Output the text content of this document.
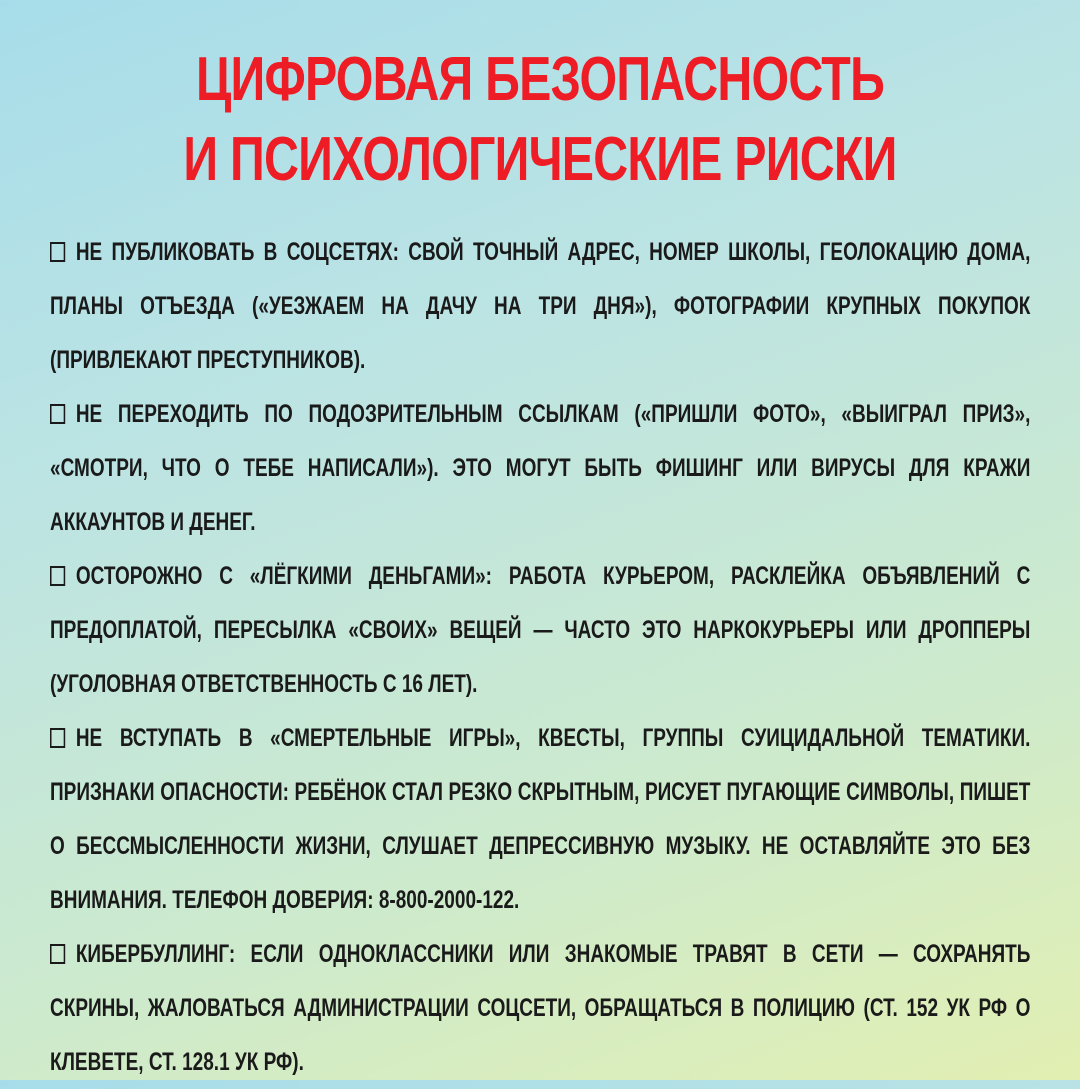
ЦИФРОВАЯ БЕЗОПАСНОСТЬ
И ПСИХОЛОГИЧЕСКИЕ РИСКИ

НЕ ПУБЛИКОВАТЬ В СОЦСЕТЯХ: СВОЙ ТОЧНЫЙ АДРЕС, НОМЕР ШКОЛЫ, ГЕОЛОКАЦИЮ ДОМА, ПЛАНЫ ОТЪЕЗДА («УЕЗЖАЕМ НА ДАЧУ НА ТРИ ДНЯ»), ФОТОГРАФИИ КРУПНЫХ ПОКУПОК (ПРИВЛЕКАЮТ ПРЕСТУПНИКОВ).

НЕ ПЕРЕХОДИТЬ ПО ПОДОЗРИТЕЛЬНЫМ ССЫЛКАМ («ПРИШЛИ ФОТО», «ВЫИГРАЛ ПРИЗ», «СМОТРИ, ЧТО О ТЕБЕ НАПИСАЛИ»). ЭТО МОГУТ БЫТЬ ФИШИНГ ИЛИ ВИРУСЫ ДЛЯ КРАЖИ АККАУНТОВ И ДЕНЕГ.

ОСТОРОЖНО С «ЛЁГКИМИ ДЕНЬГАМИ»: РАБОТА КУРЬЕРОМ, РАСКЛЕЙКА ОБЪЯВЛЕНИЙ С ПРЕДОПЛАТОЙ, ПЕРЕСЫЛКА «СВОИХ» ВЕЩЕЙ — ЧАСТО ЭТО НАРКОКУРЬЕРЫ ИЛИ ДРОППЕРЫ (УГОЛОВНАЯ ОТВЕТСТВЕННОСТЬ С 16 ЛЕТ).

НЕ ВСТУПАТЬ В «СМЕРТЕЛЬНЫЕ ИГРЫ», КВЕСТЫ, ГРУППЫ СУИЦИДАЛЬНОЙ ТЕМАТИКИ. ПРИЗНАКИ ОПАСНОСТИ: РЕБЁНОК СТАЛ РЕЗКО СКРЫТНЫМ, РИСУЕТ ПУГАЮЩИЕ СИМВОЛЫ, ПИШЕТ О БЕССМЫСЛЕННОСТИ ЖИЗНИ, СЛУШАЕТ ДЕПРЕССИВНУЮ МУЗЫКУ. НЕ ОСТАВЛЯЙТЕ ЭТО БЕЗ ВНИМАНИЯ. ТЕЛЕФОН ДОВЕРИЯ: 8-800-2000-122.

КИБЕРБУЛЛИНГ: ЕСЛИ ОДНОКЛАССНИКИ ИЛИ ЗНАКОМЫЕ ТРАВЯТ В СЕТИ — СОХРАНЯТЬ СКРИНЫ, ЖАЛОВАТЬСЯ АДМИНИСТРАЦИИ СОЦСЕТИ, ОБРАЩАТЬСЯ В ПОЛИЦИЮ (СТ. 152 УК РФ О КЛЕВЕТЕ, СТ. 128.1 УК РФ).
